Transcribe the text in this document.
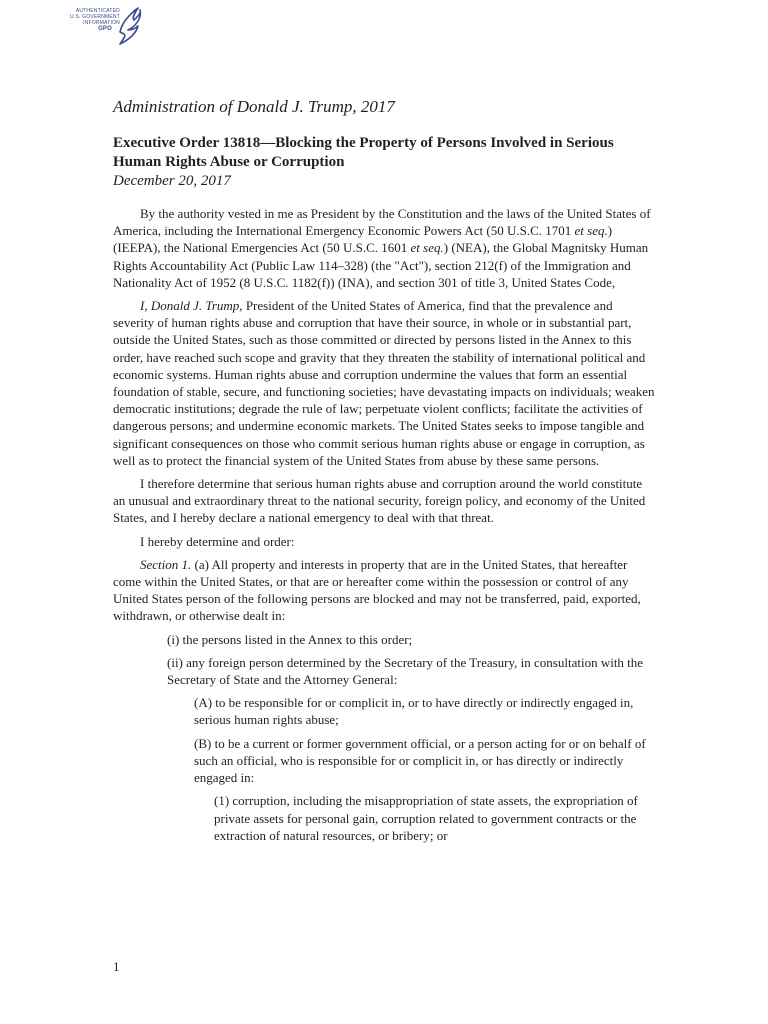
AUTHENTICATED
U.S. GOVERNMENT
INFORMATION
GPO
Administration of Donald J. Trump, 2017
Executive Order 13818—Blocking the Property of Persons Involved in Serious Human Rights Abuse or Corruption
December 20, 2017

By the authority vested in me as President by the Constitution and the laws of the United States of America, including the International Emergency Economic Powers Act (50 U.S.C. 1701 et seq.) (IEEPA), the National Emergencies Act (50 U.S.C. 1601 et seq.) (NEA), the Global Magnitsky Human Rights Accountability Act (Public Law 114–328) (the "Act"), section 212(f) of the Immigration and Nationality Act of 1952 (8 U.S.C. 1182(f)) (INA), and section 301 of title 3, United States Code,

I, Donald J. Trump, President of the United States of America, find that the prevalence and severity of human rights abuse and corruption that have their source, in whole or in substantial part, outside the United States, such as those committed or directed by persons listed in the Annex to this order, have reached such scope and gravity that they threaten the stability of international political and economic systems. Human rights abuse and corruption undermine the values that form an essential foundation of stable, secure, and functioning societies; have devastating impacts on individuals; weaken democratic institutions; degrade the rule of law; perpetuate violent conflicts; facilitate the activities of dangerous persons; and undermine economic markets. The United States seeks to impose tangible and significant consequences on those who commit serious human rights abuse or engage in corruption, as well as to protect the financial system of the United States from abuse by these same persons.

I therefore determine that serious human rights abuse and corruption around the world constitute an unusual and extraordinary threat to the national security, foreign policy, and economy of the United States, and I hereby declare a national emergency to deal with that threat.

I hereby determine and order:

Section 1. (a) All property and interests in property that are in the United States, that hereafter come within the United States, or that are or hereafter come within the possession or control of any United States person of the following persons are blocked and may not be transferred, paid, exported, withdrawn, or otherwise dealt in:

(i) the persons listed in the Annex to this order;

(ii) any foreign person determined by the Secretary of the Treasury, in consultation with the Secretary of State and the Attorney General:

(A) to be responsible for or complicit in, or to have directly or indirectly engaged in, serious human rights abuse;

(B) to be a current or former government official, or a person acting for or on behalf of such an official, who is responsible for or complicit in, or has directly or indirectly engaged in:

(1) corruption, including the misappropriation of state assets, the expropriation of private assets for personal gain, corruption related to government contracts or the extraction of natural resources, or bribery; or

1
